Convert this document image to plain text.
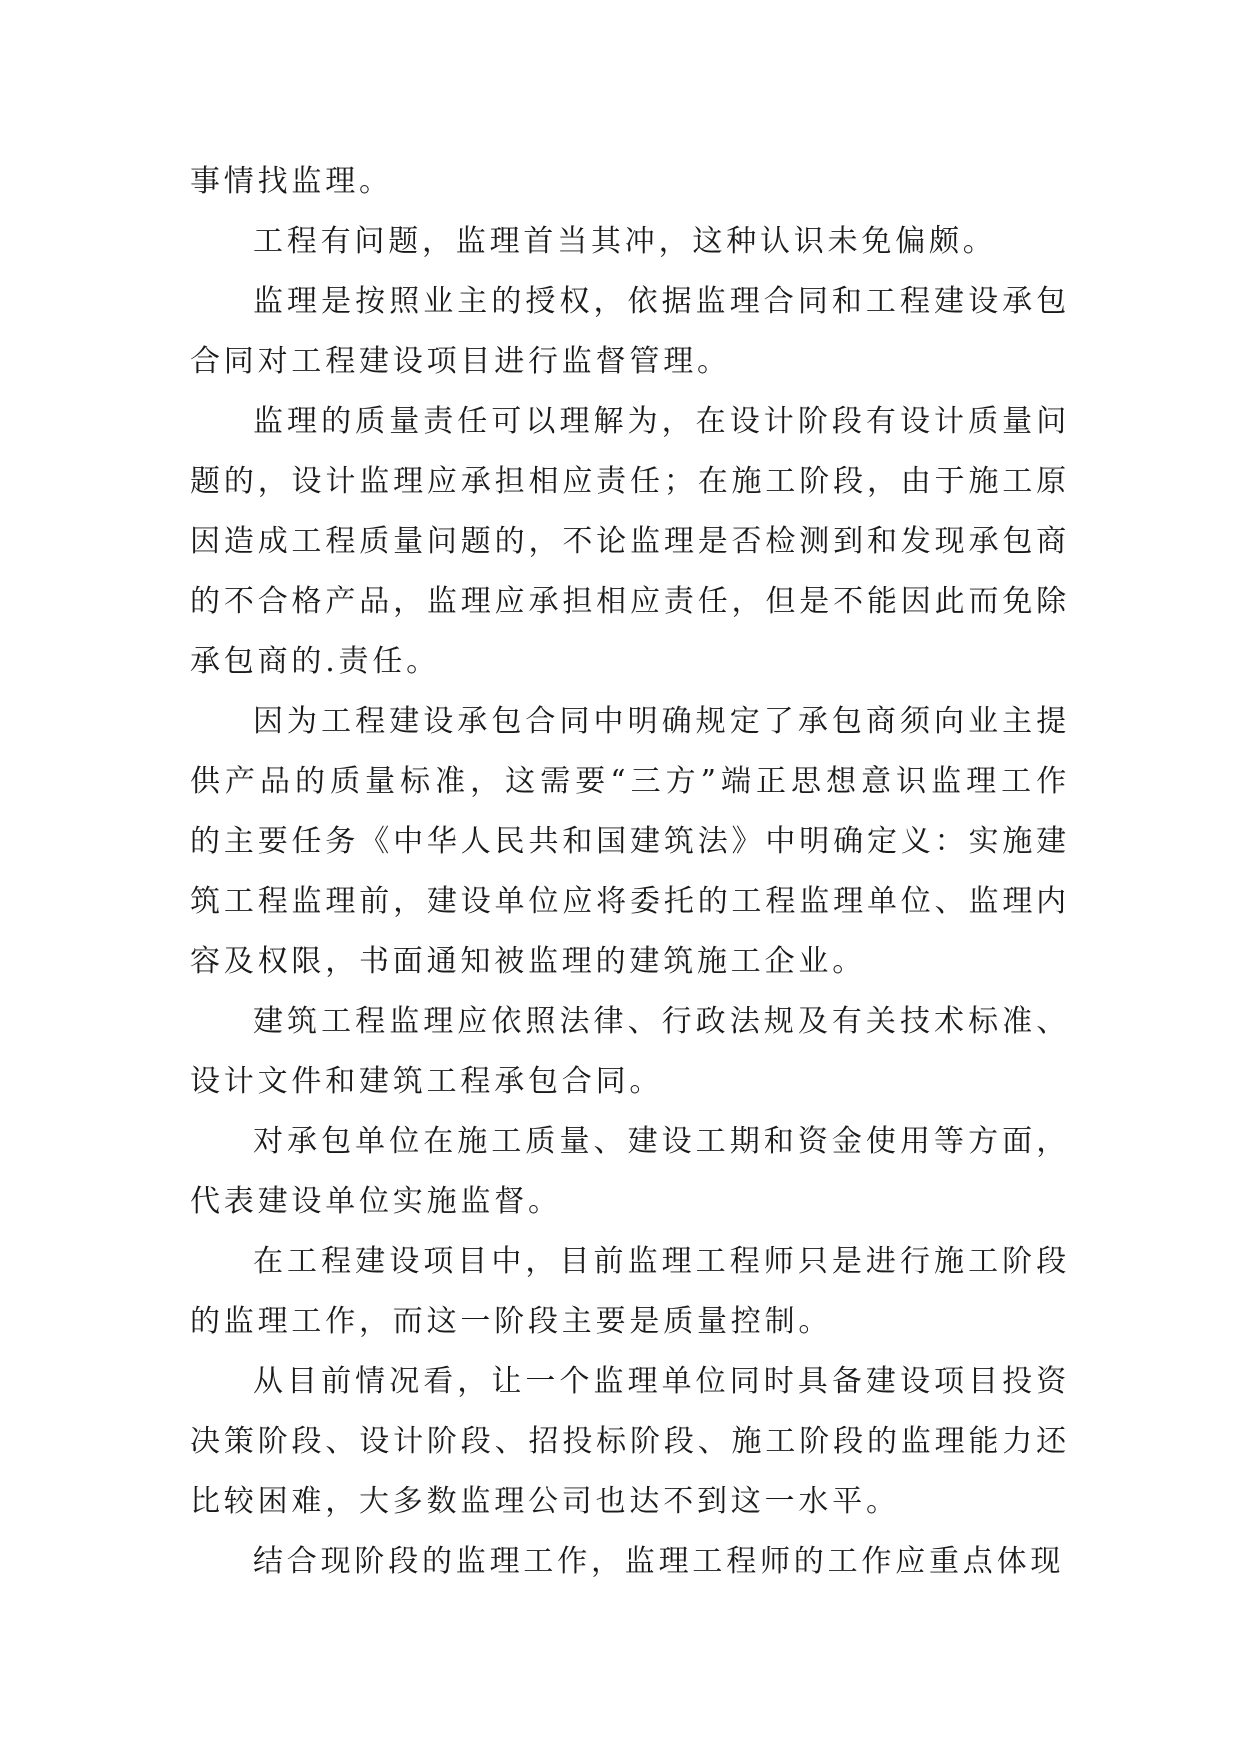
事情找监理。

工程有问题，监理首当其冲，这种认识未免偏颇。

监理是按照业主的授权，依据监理合同和工程建设承包合同对工程建设项目进行监督管理。

监理的质量责任可以理解为，在设计阶段有设计质量问题的，设计监理应承担相应责任；在施工阶段，由于施工原因造成工程质量问题的，不论监理是否检测到和发现承包商的不合格产品，监理应承担相应责任，但是不能因此而免除承包商的.责任。

因为工程建设承包合同中明确规定了承包商须向业主提供产品的质量标准，这需要“三方”端正思想意识监理工作的主要任务《中华人民共和国建筑法》中明确定义：实施建筑工程监理前，建设单位应将委托的工程监理单位、监理内容及权限，书面通知被监理的建筑施工企业。

建筑工程监理应依照法律、行政法规及有关技术标准、设计文件和建筑工程承包合同。

对承包单位在施工质量、建设工期和资金使用等方面，代表建设单位实施监督。

在工程建设项目中，目前监理工程师只是进行施工阶段的监理工作，而这一阶段主要是质量控制。

从目前情况看，让一个监理单位同时具备建设项目投资决策阶段、设计阶段、招投标阶段、施工阶段的监理能力还比较困难，大多数监理公司也达不到这一水平。

结合现阶段的监理工作，监理工程师的工作应重点体现
